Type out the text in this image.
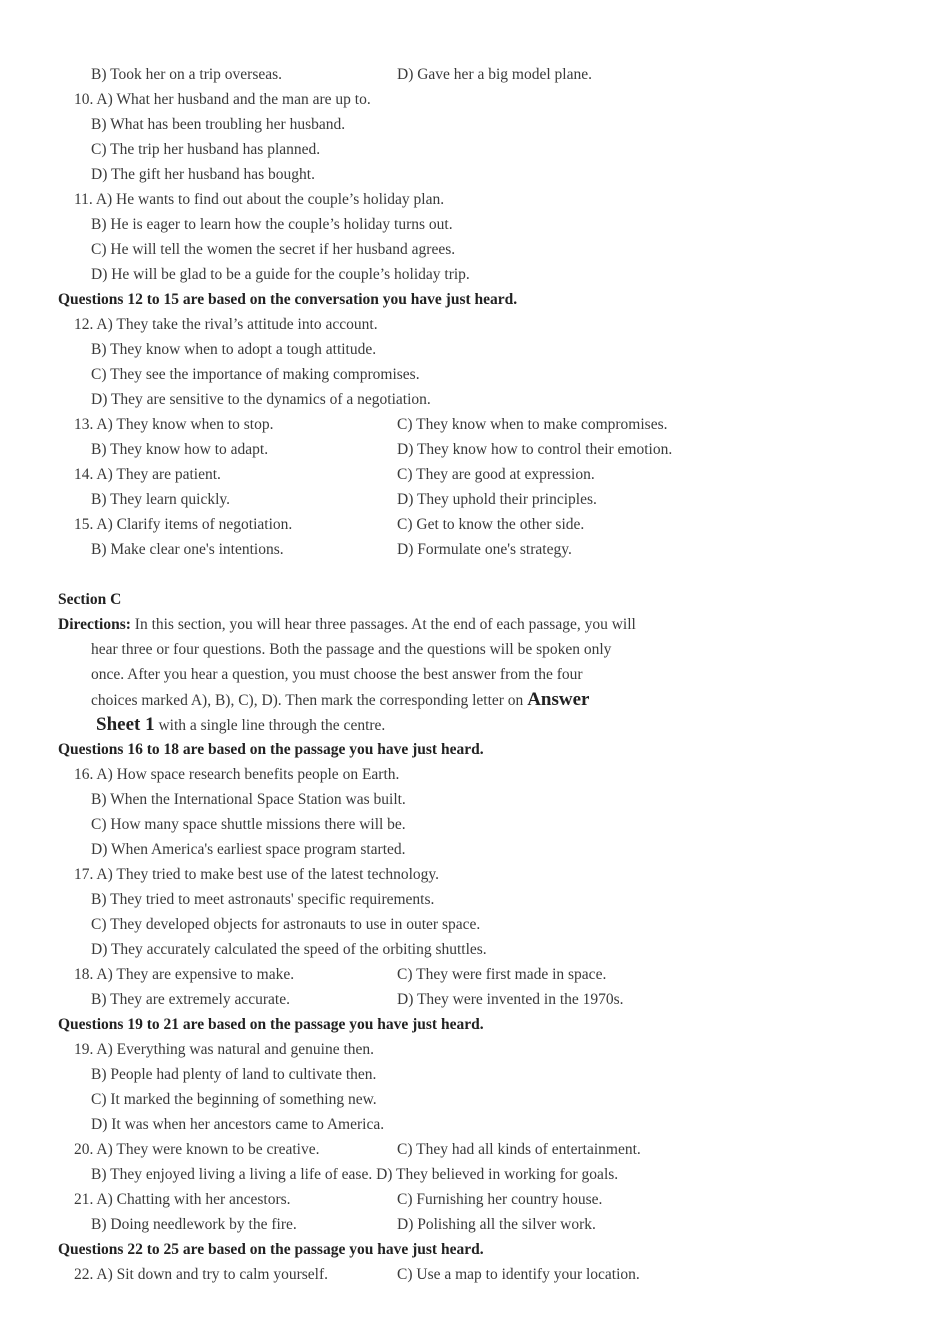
B) Took her on a trip overseas.	D) Gave her a big model plane.
10. A) What her husband and the man are up to.
B) What has been troubling her husband.
C) The trip her husband has planned.
D) The gift her husband has bought.
11. A) He wants to find out about the couple’s holiday plan.
B) He is eager to learn how the couple’s holiday turns out.
C) He will tell the women the secret if her husband agrees.
D) He will be glad to be a guide for the couple’s holiday trip.
Questions 12 to 15 are based on the conversation you have just heard.
12. A) They take the rival’s attitude into account.
B) They know when to adopt a tough attitude.
C) They see the importance of making compromises.
D) They are sensitive to the dynamics of a negotiation.
13. A) They know when to stop.	C) They know when to make compromises.
B) They know how to adapt.	D) They know how to control their emotion.
14. A) They are patient.	C) They are good at expression.
B) They learn quickly.	D) They uphold their principles.
15. A) Clarify items of negotiation.	C) Get to know the other side.
B) Make clear one's intentions.	D) Formulate one's strategy.
Section C
Directions: In this section, you will hear three passages. At the end of each passage, you will
hear three or four questions. Both the passage and the questions will be spoken only
once. After you hear a question, you must choose the best answer from the four
choices marked A), B), C), D). Then mark the corresponding letter on Answer
Sheet 1 with a single line through the centre.
Questions 16 to 18 are based on the passage you have just heard.
16. A) How space research benefits people on Earth.
B) When the International Space Station was built.
C) How many space shuttle missions there will be.
D) When America's earliest space program started.
17. A) They tried to make best use of the latest technology.
B) They tried to meet astronauts' specific requirements.
C) They developed objects for astronauts to use in outer space.
D) They accurately calculated the speed of the orbiting shuttles.
18. A) They are expensive to make.	C) They were first made in space.
B) They are extremely accurate.	D) They were invented in the 1970s.
Questions 19 to 21 are based on the passage you have just heard.
19. A) Everything was natural and genuine then.
B) People had plenty of land to cultivate then.
C) It marked the beginning of something new.
D) It was when her ancestors came to America.
20. A) They were known to be creative.	C) They had all kinds of entertainment.
B) They enjoyed living a living a life of ease. D) They believed in working for goals.
21. A) Chatting with her ancestors.	C) Furnishing her country house.
B) Doing needlework by the fire.	D) Polishing all the silver work.
Questions 22 to 25 are based on the passage you have just heard.
22. A) Sit down and try to calm yourself.	C) Use a map to identify your location.
